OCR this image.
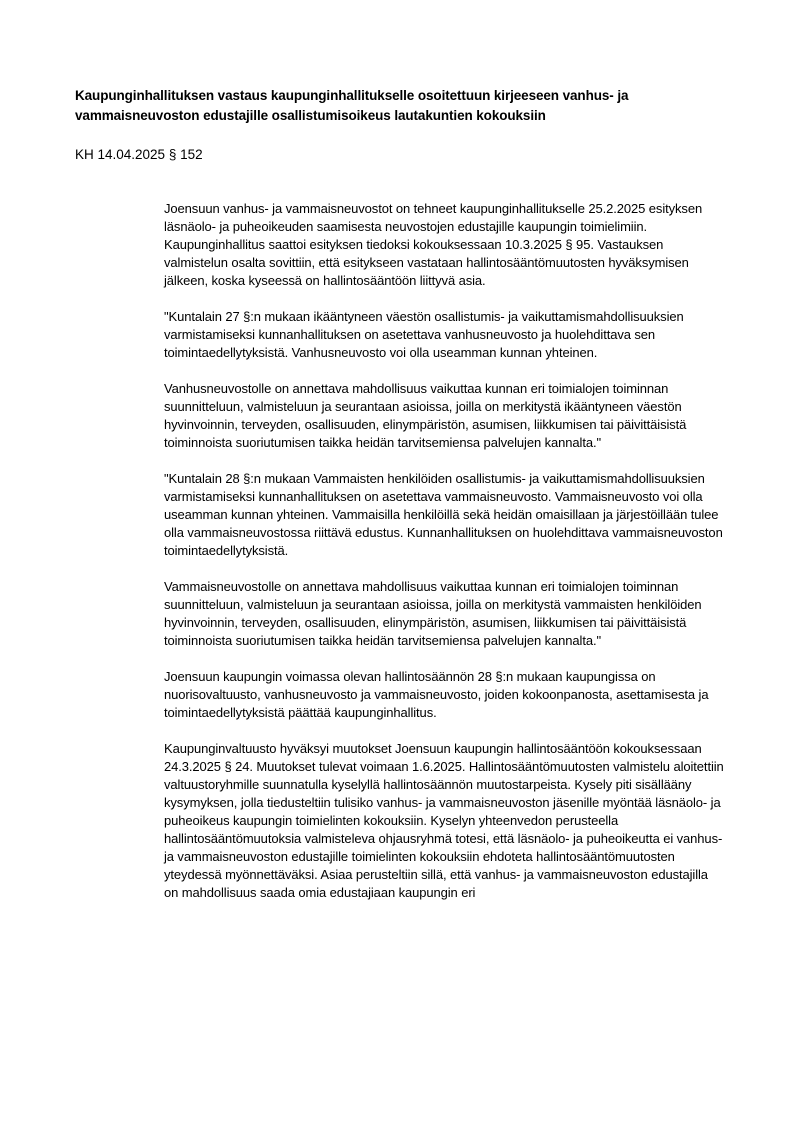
Kaupunginhallituksen vastaus kaupunginhallitukselle osoitettuun kirjeeseen vanhus- ja vammaisneuvoston edustajille osallistumisoikeus lautakuntien kokouksiin
KH 14.04.2025 § 152

Joensuun vanhus- ja vammaisneuvostot on tehneet kaupunginhallitukselle 25.2.2025 esityksen läsnäolo- ja puheoikeuden saamisesta neuvostojen edustajille kaupungin toimielimiin. Kaupunginhallitus saattoi esityksen tiedoksi kokouksessaan 10.3.2025 § 95. Vastauksen valmistelun osalta sovittiin, että esitykseen vastataan hallintosääntömuutosten hyväksymisen jälkeen, koska kyseessä on hallintosääntöön liittyvä asia.

"Kuntalain 27 §:n mukaan ikääntyneen väestön osallistumis- ja vaikuttamismahdollisuuksien varmistamiseksi kunnanhallituksen on asetettava vanhusneuvosto ja huolehdittava sen toimintaedellytyksistä. Vanhusneuvosto voi olla useamman kunnan yhteinen.

Vanhusneuvostolle on annettava mahdollisuus vaikuttaa kunnan eri toimialojen toiminnan suunnitteluun, valmisteluun ja seurantaan asioissa, joilla on merkitystä ikääntyneen väestön hyvinvoinnin, terveyden, osallisuuden, elinympäristön, asumisen, liikkumisen tai päivittäisistä toiminnoista suoriutumisen taikka heidän tarvitsemiensa palvelujen kannalta."

"Kuntalain 28 §:n mukaan Vammaisten henkilöiden osallistumis- ja vaikuttamismahdollisuuksien varmistamiseksi kunnanhallituksen on asetettava vammaisneuvosto. Vammaisneuvosto voi olla useamman kunnan yhteinen. Vammaisilla henkilöillä sekä heidän omaisillaan ja järjestöillään tulee olla vammaisneuvostossa riittävä edustus. Kunnanhallituksen on huolehdittava vammaisneuvoston toimintaedellytyksistä.

Vammaisneuvostolle on annettava mahdollisuus vaikuttaa kunnan eri toimialojen toiminnan suunnitteluun, valmisteluun ja seurantaan asioissa, joilla on merkitystä vammaisten henkilöiden hyvinvoinnin, terveyden, osallisuuden, elinympäristön, asumisen, liikkumisen tai päivittäisistä toiminnoista suoriutumisen taikka heidän tarvitsemiensa palvelujen kannalta."

Joensuun kaupungin voimassa olevan hallintosäännön 28 §:n mukaan kaupungissa on nuorisovaltuusto, vanhusneuvosto ja vammaisneuvosto, joiden kokoonpanosta, asettamisesta ja toimintaedellytyksistä päättää kaupunginhallitus.

Kaupunginvaltuusto hyväksyi muutokset Joensuun kaupungin hallintosääntöön kokouksessaan 24.3.2025 § 24. Muutokset tulevat voimaan 1.6.2025. Hallintosääntömuutosten valmistelu aloitettiin valtuustoryhmille suunnatulla kyselyllä hallintosäännön muutostarpeista. Kysely piti sisällääny kysymyksen, jolla tiedusteltiin tulisiko vanhus- ja vammaisneuvoston jäsenille myöntää läsnäolo- ja puheoikeus kaupungin toimielinten kokouksiin. Kyselyn yhteenvedon perusteella hallintosääntömuutoksia valmisteleva ohjausryhmä totesi, että läsnäolo- ja puheoikeutta ei vanhus- ja vammaisneuvoston edustajille toimielinten kokouksiin ehdoteta hallintosääntömuutosten yteydessä myönnettäväksi. Asiaa perusteltiin sillä, että vanhus- ja vammaisneuvoston edustajilla on mahdollisuus saada omia edustajiaan kaupungin eri
